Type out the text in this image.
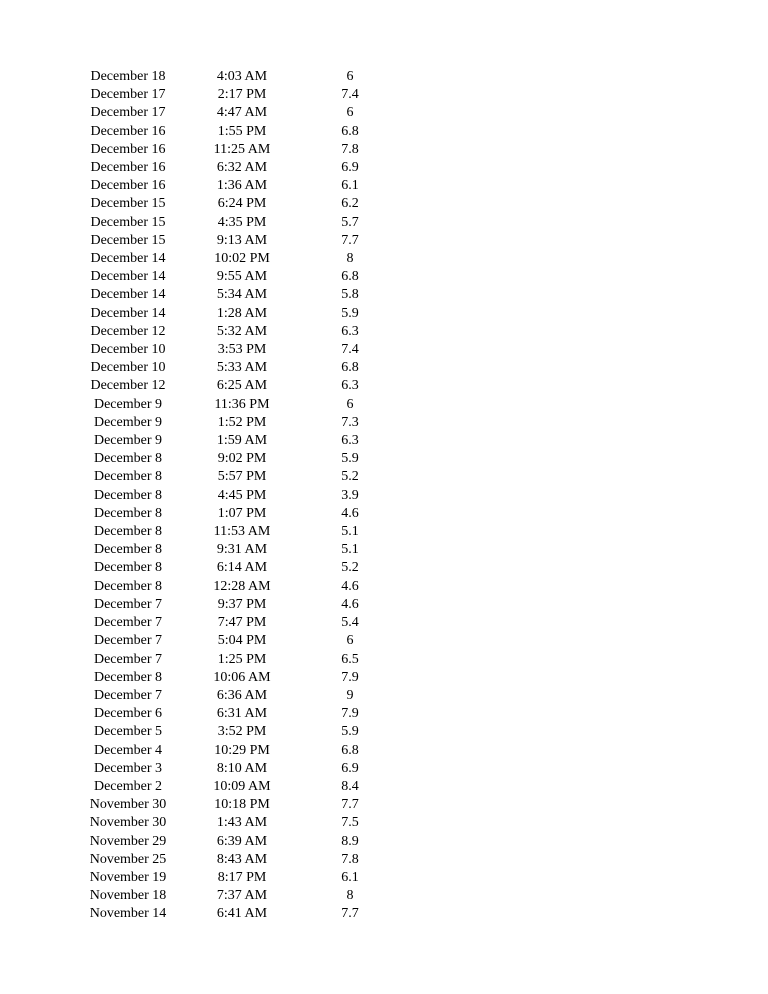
December 18	4:03 AM	6
December 17	2:17 PM	7.4
December 17	4:47 AM	6
December 16	1:55 PM	6.8
December 16	11:25 AM	7.8
December 16	6:32 AM	6.9
December 16	1:36 AM	6.1
December 15	6:24 PM	6.2
December 15	4:35 PM	5.7
December 15	9:13 AM	7.7
December 14	10:02 PM	8
December 14	9:55 AM	6.8
December 14	5:34 AM	5.8
December 14	1:28 AM	5.9
December 12	5:32 AM	6.3
December 10	3:53 PM	7.4
December 10	5:33 AM	6.8
December 12	6:25 AM	6.3
December 9	11:36 PM	6
December 9	1:52 PM	7.3
December 9	1:59 AM	6.3
December 8	9:02 PM	5.9
December 8	5:57 PM	5.2
December 8	4:45 PM	3.9
December 8	1:07 PM	4.6
December 8	11:53 AM	5.1
December 8	9:31 AM	5.1
December 8	6:14 AM	5.2
December 8	12:28 AM	4.6
December 7	9:37 PM	4.6
December 7	7:47 PM	5.4
December 7	5:04 PM	6
December 7	1:25 PM	6.5
December 8	10:06 AM	7.9
December 7	6:36 AM	9
December 6	6:31 AM	7.9
December 5	3:52 PM	5.9
December 4	10:29 PM	6.8
December 3	8:10 AM	6.9
December 2	10:09 AM	8.4
November 30	10:18 PM	7.7
November 30	1:43 AM	7.5
November 29	6:39 AM	8.9
November 25	8:43 AM	7.8
November 19	8:17 PM	6.1
November 18	7:37 AM	8
November 14	6:41 AM	7.7
